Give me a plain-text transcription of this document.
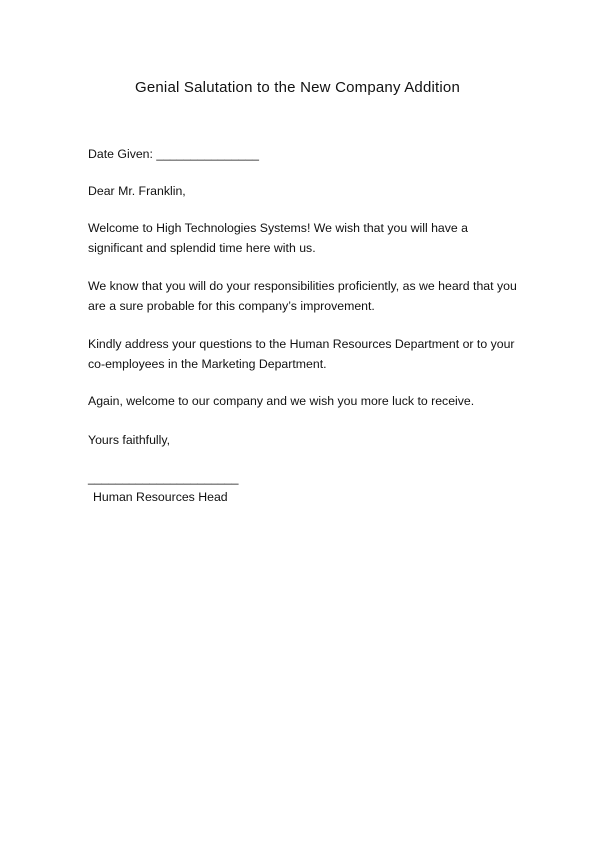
Genial Salutation to the New Company Addition
Date Given: _______________
Dear Mr. Franklin,
Welcome to High Technologies Systems! We wish that you will have a significant and splendid time here with us.
We know that you will do your responsibilities proficiently, as we heard that you are a sure probable for this company’s improvement.
Kindly address your questions to the Human Resources Department or to your co-employees in the Marketing Department.
Again, welcome to our company and we wish you more luck to receive.
Yours faithfully,
______________________
Human Resources Head
